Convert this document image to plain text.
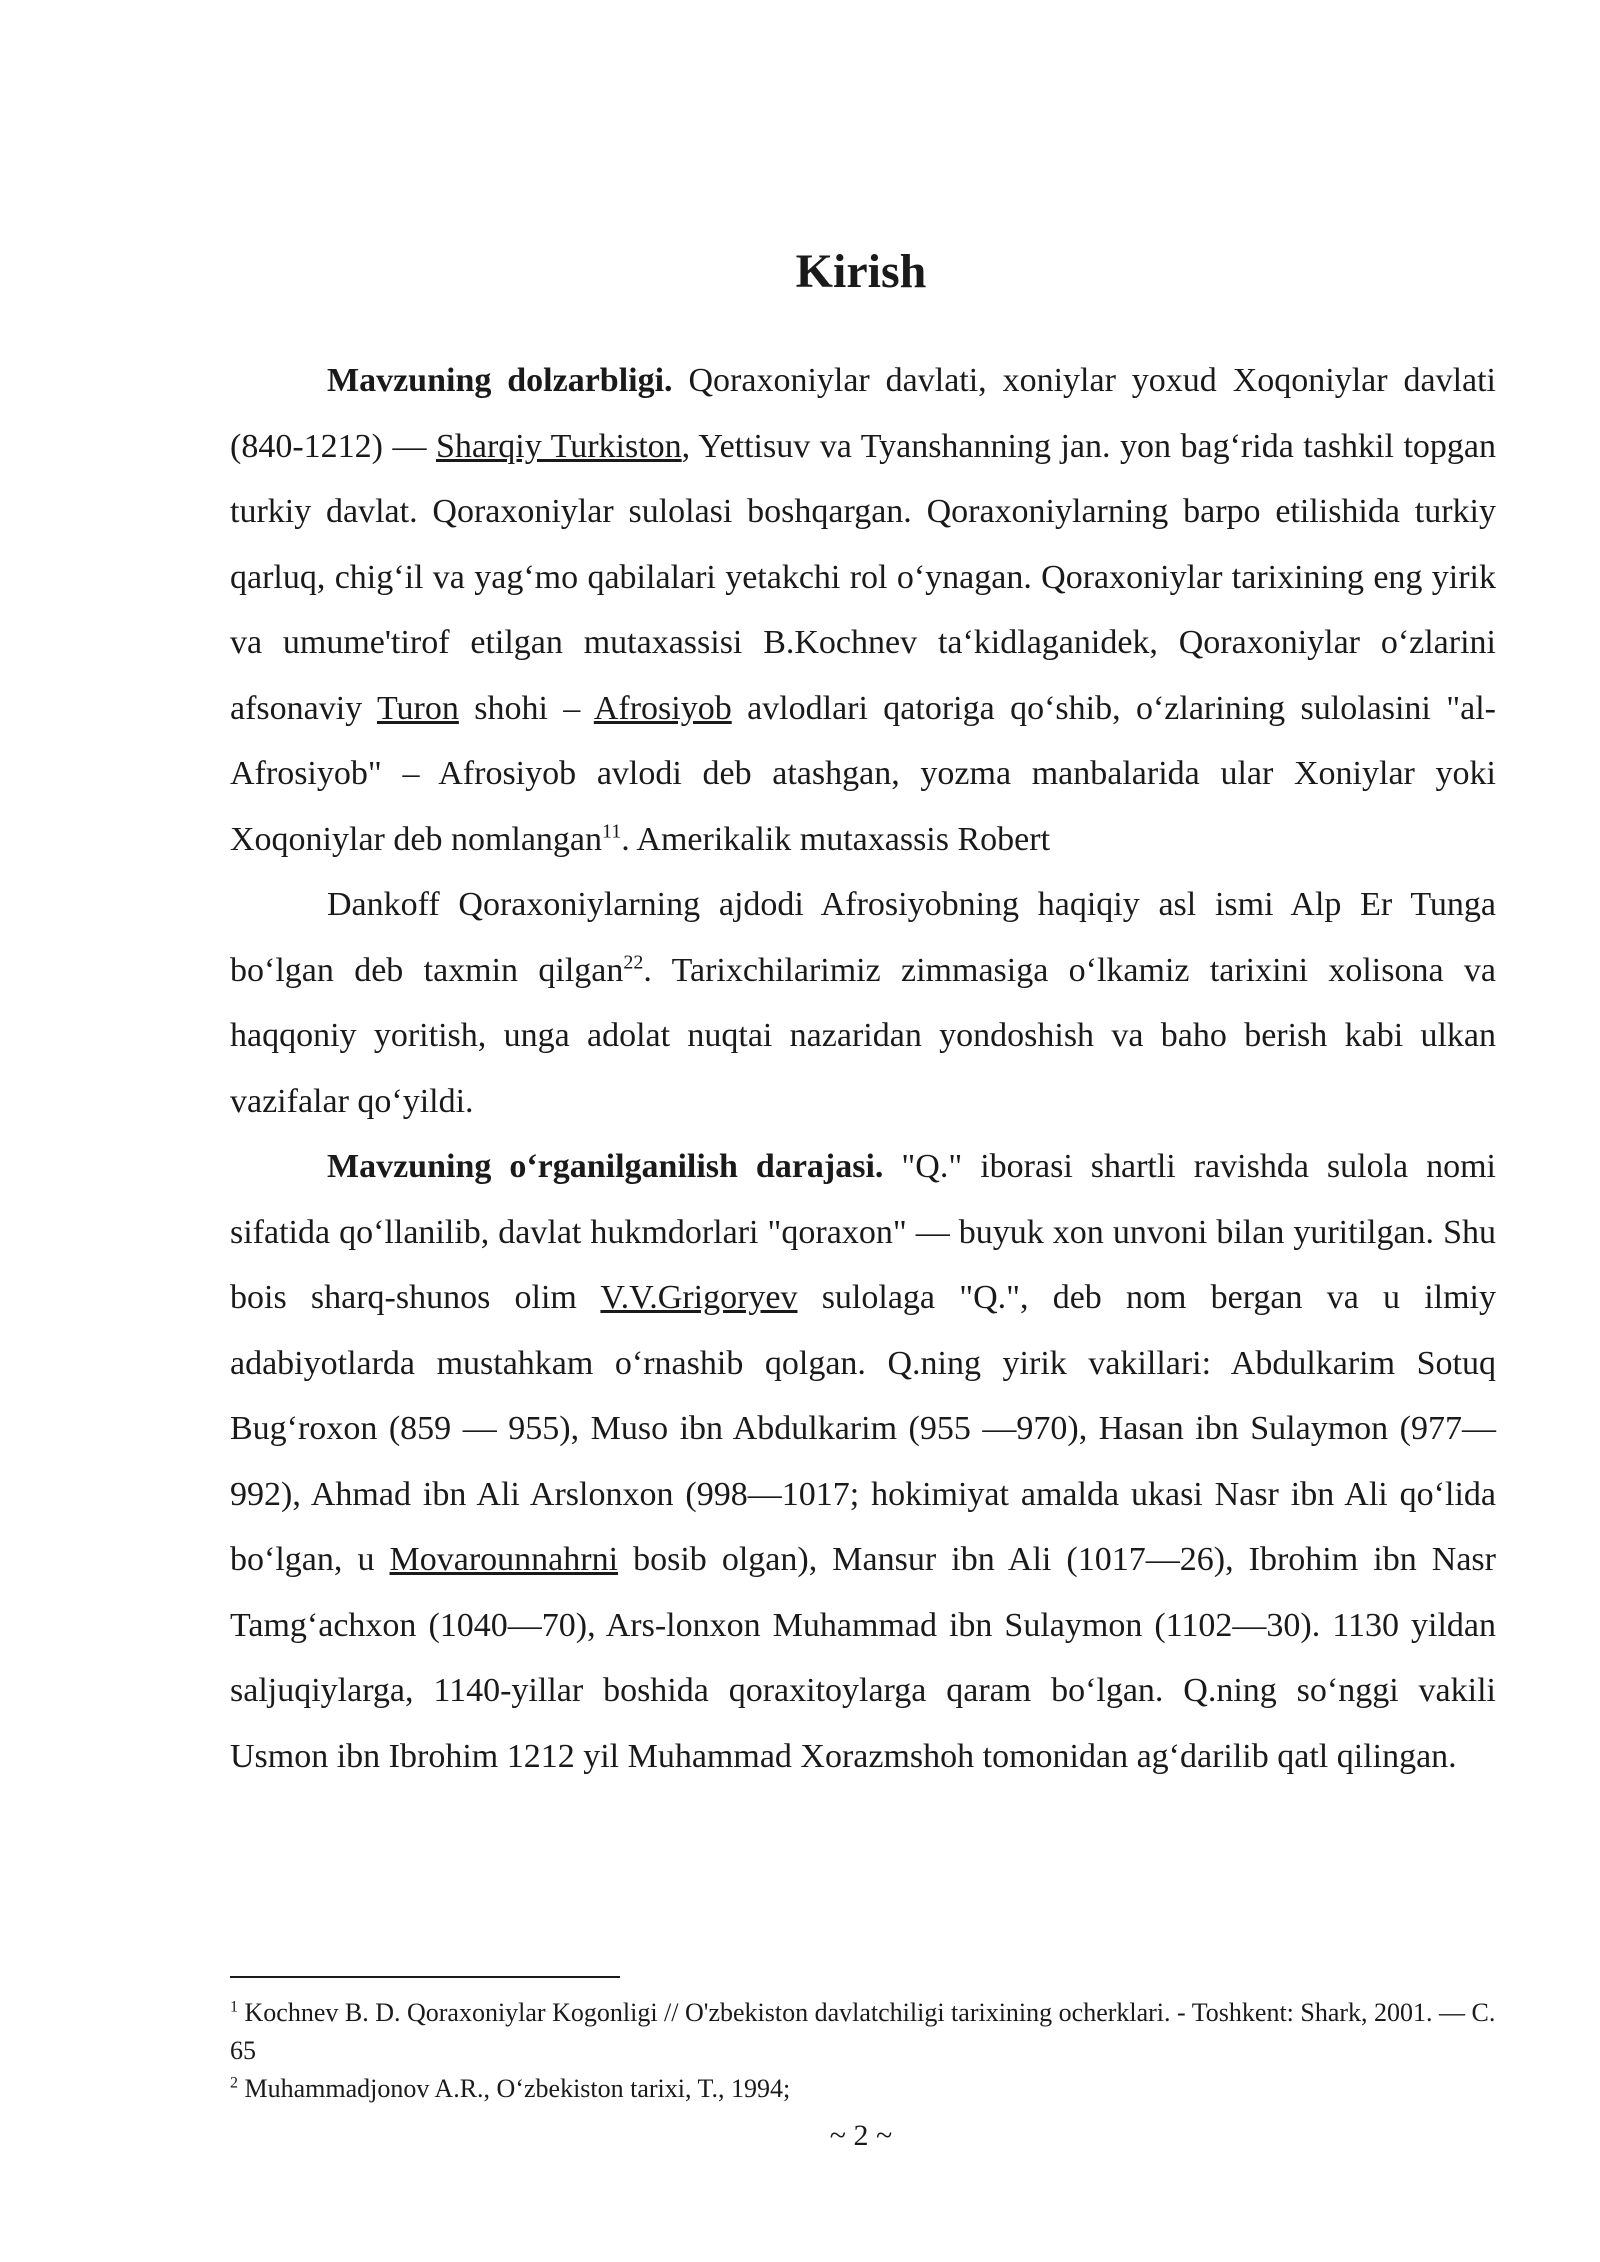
Kirish

Mavzuning dolzarbligi. Qoraxoniylar davlati, xoniylar yoxud Xoqoniylar davlati (840-1212) — Sharqiy Turkiston, Yettisuv va Tyanshanning jan. yon bag‘rida tashkil topgan turkiy davlat. Qoraxoniylar sulolasi boshqargan. Qoraxoniylarning barpo etilishida turkiy qarluq, chig‘il va yag‘mo qabilalari yetakchi rol o‘ynagan. Qoraxoniylar tarixining eng yirik va umume'tirof etilgan mutaxassisi B.Kochnev ta‘kidlaganidek, Qoraxoniylar o‘zlarini afsonaviy Turon shohi – Afrosiyob avlodlari qatoriga qo‘shib, o‘zlarining sulolasini "al-Afrosiyob" – Afrosiyob avlodi deb atashgan, yozma manbalarida ular Xoniylar yoki Xoqoniylar deb nomlangan$^{11}$. Amerikalik mutaxassis Robert

Dankoff Qoraxoniylarning ajdodi Afrosiyobning haqiqiy asl ismi Alp Er Tunga bo‘lgan deb taxmin qilgan$^{22}$. Tarixchilarimiz zimmasiga o‘lkamiz tarixini xolisona va haqqoniy yoritish, unga adolat nuqtai nazaridan yondoshish va baho berish kabi ulkan vazifalar qo‘yildi.

Mavzuning o‘rganilganilish darajasi. "Q." iborasi shartli ravishda sulola nomi sifatida qo‘llanilib, davlat hukmdorlari "qoraxon" — buyuk xon unvoni bilan yuritilgan. Shu bois sharq-shunos olim V.V.Grigoryev sulolaga "Q.", deb nom bergan va u ilmiy adabiyotlarda mustahkam o‘rnashib qolgan. Q.ning yirik vakillari: Abdulkarim Sotuq Bug‘roxon (859 — 955), Muso ibn Abdulkarim (955 —970), Hasan ibn Sulaymon (977—992), Ahmad ibn Ali Arslonxon (998—1017; hokimiyat amalda ukasi Nasr ibn Ali qo‘lida bo‘lgan, u Movarounnahrni bosib olgan), Mansur ibn Ali (1017—26), Ibrohim ibn Nasr Tamg‘achxon (1040—70), Ars-lonxon Muhammad ibn Sulaymon (1102—30). 1130 yildan saljuqiylarga, 1140-yillar boshida qoraxitoylarga qaram bo‘lgan. Q.ning so‘nggi vakili Usmon ibn Ibrohim 1212 yil Muhammad Xorazmshoh tomonidan ag‘darilib qatl qilingan.

$^1$ Kochnev B. D. Qoraxoniylar Kogonligi // O'zbekiston davlatchiligi tarixining ocherklari. - Toshkent: Shark, 2001. — C. 65

$^2$ Muhammadjonov A.R., O‘zbekiston tarixi, T., 1994;

~ 2 ~
